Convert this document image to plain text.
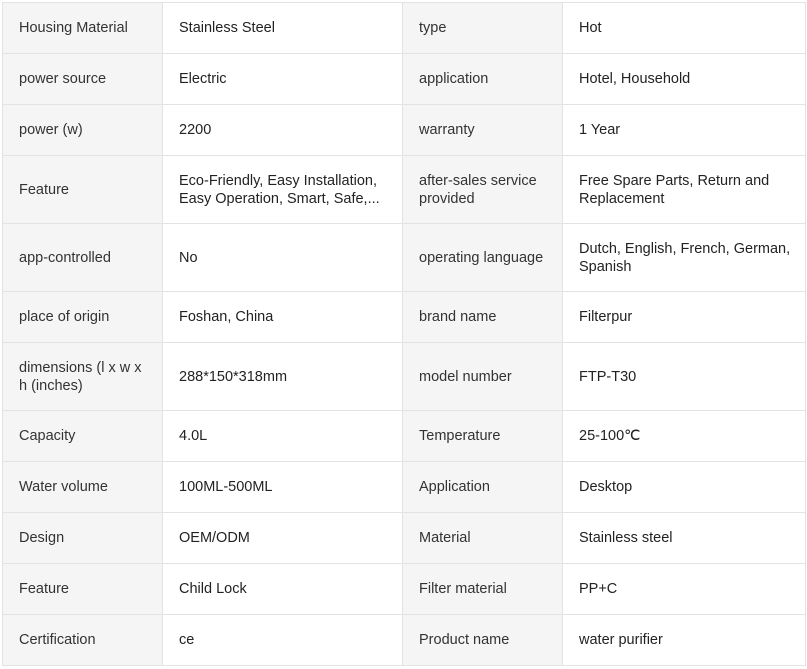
Housing Material	Stainless Steel	type	Hot
power source	Electric	application	Hotel, Household
power (w)	2200	warranty	1 Year
Feature	Eco-Friendly, Easy Installation, Easy Operation, Smart, Safe,...	after-sales service provided	Free Spare Parts, Return and Replacement
app-controlled	No	operating language	Dutch, English, French, German, Spanish
place of origin	Foshan, China	brand name	Filterpur
dimensions (l x w x h (inches)	288*150*318mm	model number	FTP-T30
Capacity	4.0L	Temperature	25-100℃
Water volume	100ML-500ML	Application	Desktop
Design	OEM/ODM	Material	Stainless steel
Feature	Child Lock	Filter material	PP+C
Certification	ce	Product name	water purifier
